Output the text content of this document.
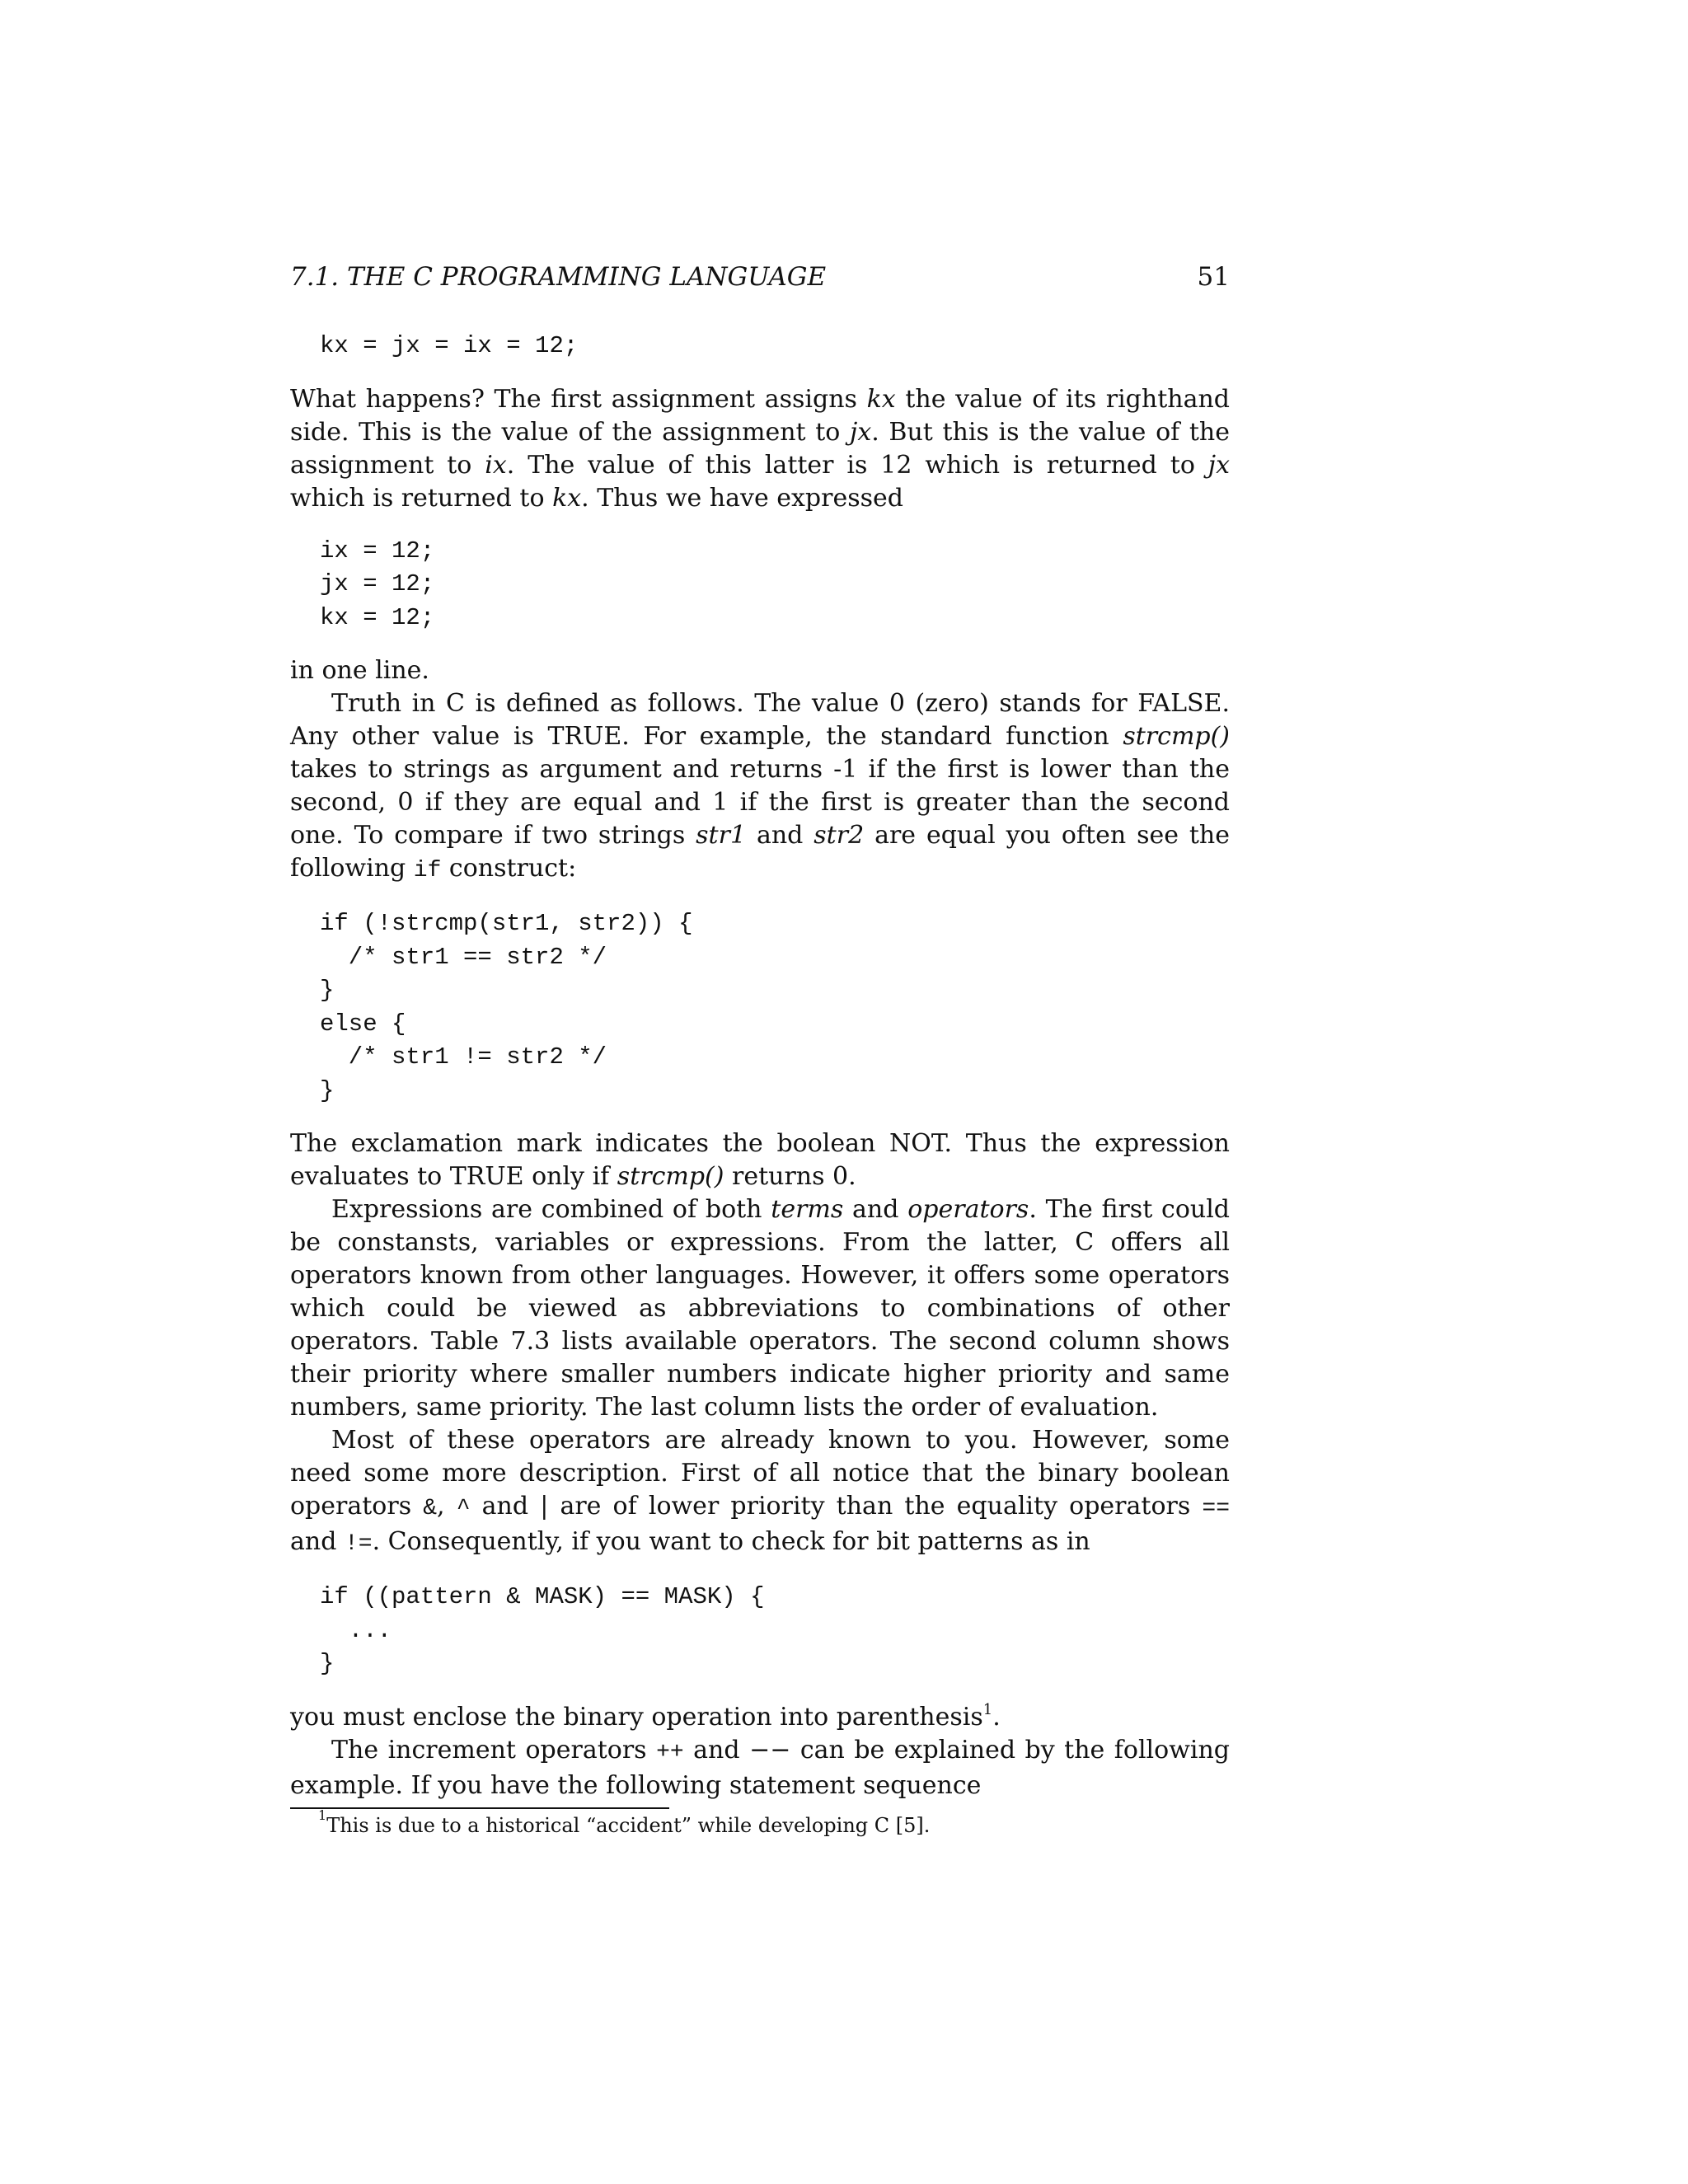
7.1. THE C PROGRAMMING LANGUAGE	51
kx = jx = ix = 12;

What happens? The first assignment assigns kx the value of its righthand side. This is the value of the assignment to jx. But this is the value of the assignment to ix. The value of this latter is 12 which is returned to jx which is returned to kx. Thus we have expressed

ix = 12;
jx = 12;
kx = 12;

in one line.

Truth in C is defined as follows. The value 0 (zero) stands for FALSE. Any other value is TRUE. For example, the standard function strcmp() takes to strings as argument and returns -1 if the first is lower than the second, 0 if they are equal and 1 if the first is greater than the second one. To compare if two strings str1 and str2 are equal you often see the following if construct:

if (!strcmp(str1, str2)) {
/* str1 == str2 */
}
else {
/* str1 != str2 */
}

The exclamation mark indicates the boolean NOT. Thus the expression evaluates to TRUE only if strcmp() returns 0.

Expressions are combined of both terms and operators. The first could be constansts, variables or expressions. From the latter, C offers all operators known from other languages. However, it offers some operators which could be viewed as abbreviations to combinations of other operators. Table 7.3 lists available operators. The second column shows their priority where smaller numbers indicate higher priority and same numbers, same priority. The last column lists the order of evaluation.

Most of these operators are already known to you. However, some need some more description. First of all notice that the binary boolean operators &, ^ and | are of lower priority than the equality operators == and !=. Consequently, if you want to check for bit patterns as in

if ((pattern & MASK) == MASK) {
...
}

you must enclose the binary operation into parenthesis$^1$.

The increment operators ++ and −− can be explained by the following example. If you have the following statement sequence

$^1$This is due to a historical “accident” while developing C [5].
